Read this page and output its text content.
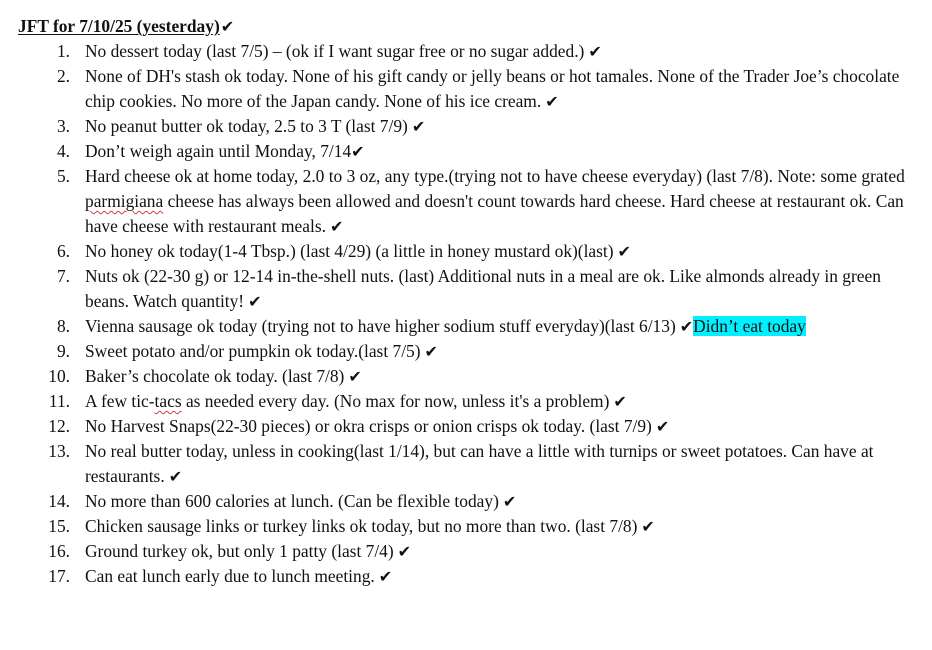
JFT for 7/10/25 (yesterday)✔
1. No dessert today (last 7/5) – (ok if I want sugar free or no sugar added.) ✔
2. None of DH's stash ok today. None of his gift candy or jelly beans or hot tamales. None of the Trader Joe’s chocolate chip cookies. No more of the Japan candy. None of his ice cream. ✔
3. No peanut butter ok today, 2.5 to 3 T (last 7/9) ✔
4. Don’t weigh again until Monday, 7/14✔
5. Hard cheese ok at home today, 2.0 to 3 oz, any type.(trying not to have cheese everyday) (last 7/8). Note: some grated parmigiana cheese has always been allowed and doesn't count towards hard cheese. Hard cheese at restaurant ok. Can have cheese with restaurant meals. ✔
6. No honey ok today(1-4 Tbsp.) (last 4/29) (a little in honey mustard ok)(last) ✔
7. Nuts ok (22-30 g) or 12-14 in-the-shell nuts. (last) Additional nuts in a meal are ok. Like almonds already in green beans. Watch quantity! ✔
8. Vienna sausage ok today (trying not to have higher sodium stuff everyday)(last 6/13) ✔Didn’t eat today
9. Sweet potato and/or pumpkin ok today.(last 7/5) ✔
10. Baker’s chocolate ok today. (last 7/8) ✔
11. A few tic-tacs as needed every day. (No max for now, unless it's a problem) ✔
12. No Harvest Snaps(22-30 pieces) or okra crisps or onion crisps ok today. (last 7/9) ✔
13. No real butter today, unless in cooking(last 1/14), but can have a little with turnips or sweet potatoes. Can have at restaurants. ✔
14. No more than 600 calories at lunch. (Can be flexible today) ✔
15. Chicken sausage links or turkey links ok today, but no more than two. (last 7/8) ✔
16. Ground turkey ok, but only 1 patty (last 7/4) ✔
17. Can eat lunch early due to lunch meeting. ✔
